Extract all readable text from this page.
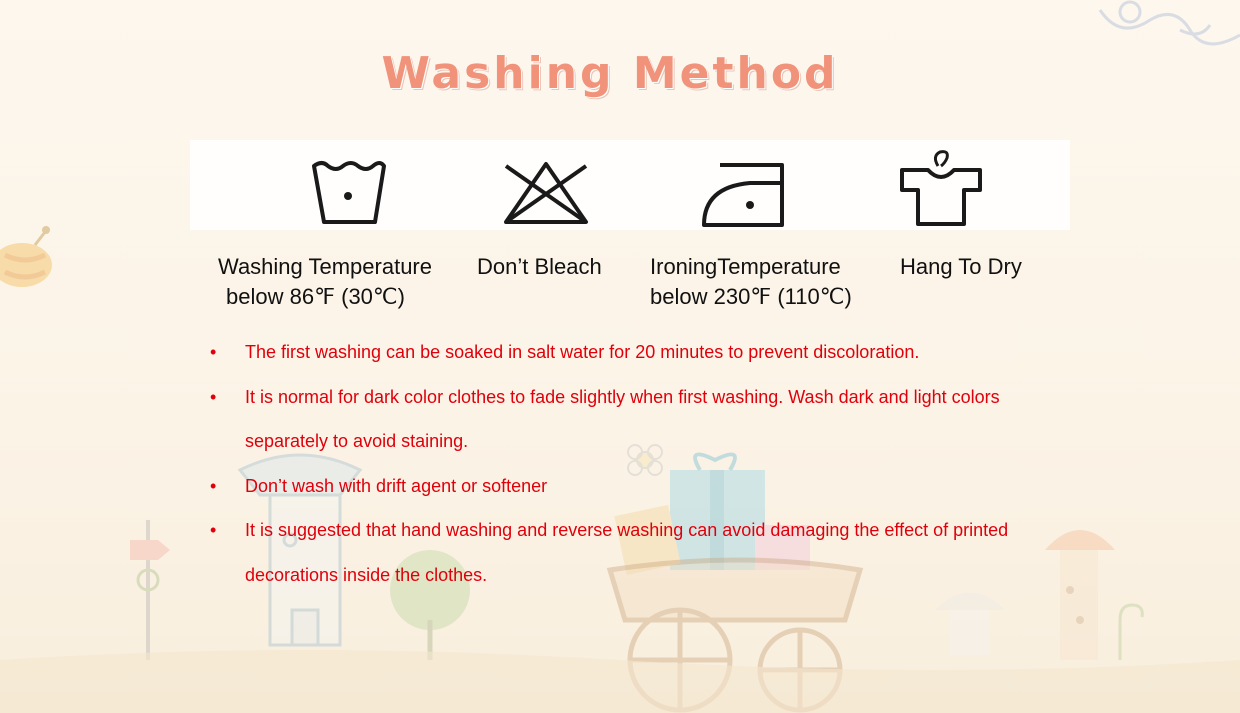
Washing Method
Washing Temperature
below 86℉ (30℃)
Don’t Bleach IroningTemperature
below 230℉ (110℃)
Hang To Dry
• The first washing can be soaked in salt water for 20 minutes to prevent discoloration.
• It is normal for dark color clothes to fade slightly when first washing. Wash dark and light colors separately to avoid staining.
• Don’t wash with drift agent or softener
• It is suggested that hand washing and reverse washing can avoid damaging the effect of printed decorations inside the clothes.
